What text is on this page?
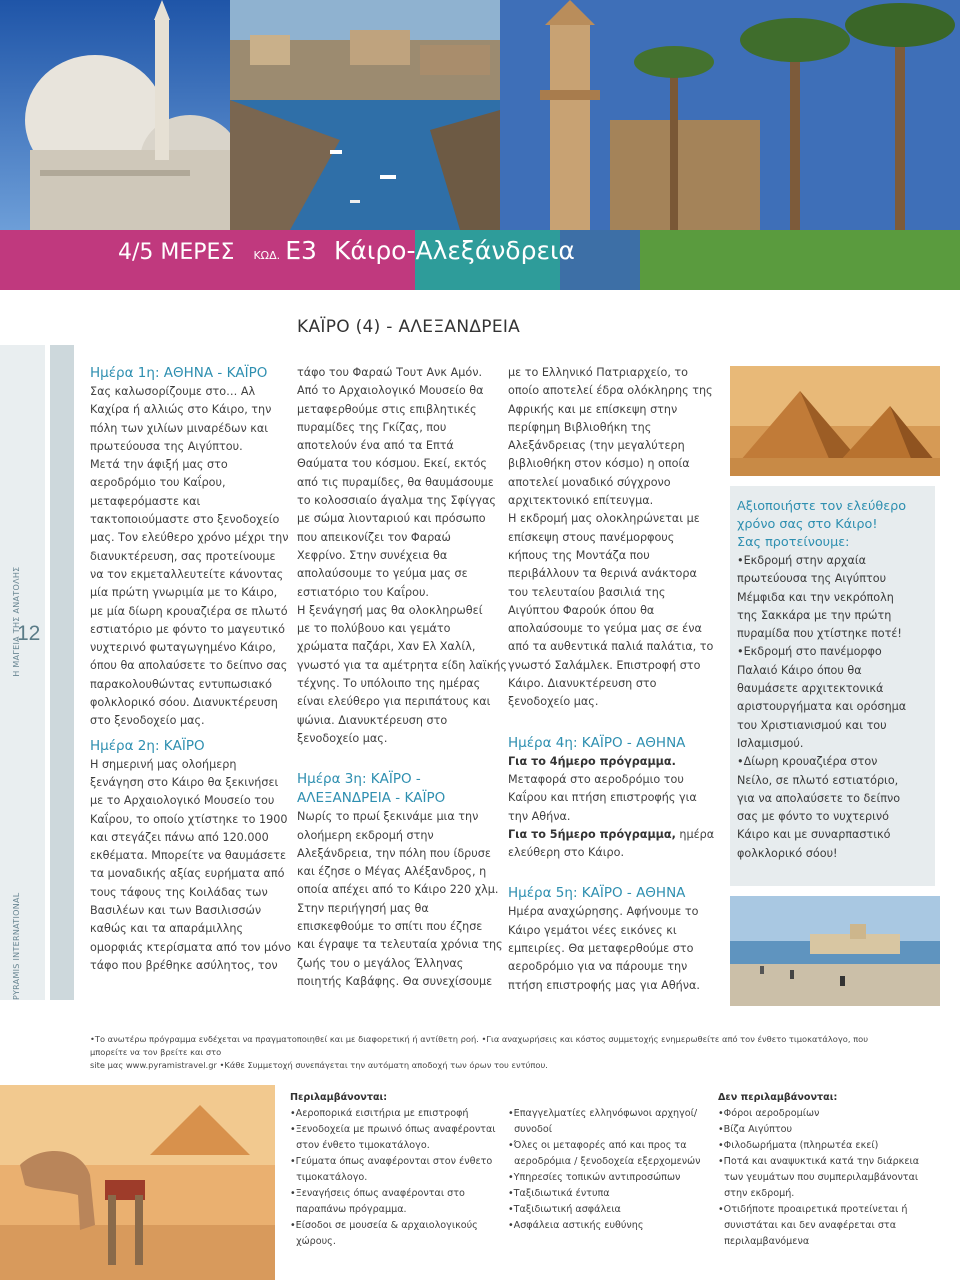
4/5 ΜΕΡΕΣ ΚΩΔ. Ε3 Κάιρο-Αλεξάνδρεια
ΚΑΪΡΟ (4) - ΑΛΕΞΑΝΔΡΕΙΑ
PYRAMIS INTERNATIONAL  Η ΜΑΓΕΙΑ ΤΗΣ ΑΝΑΤΟΛΗΣ
12
Ημέρα 1η: ΑΘΗΝΑ - ΚΑΪΡΟ
Σας καλωσορίζουμε στο… Αλ
Καχίρα ή αλλιώς στο Κάιρο, την
πόλη των χιλίων μιναρέδων και
πρωτεύουσα της Αιγύπτου.
Μετά την άφιξή μας στο
αεροδρόμιο του Καΐρου,
μεταφερόμαστε και
τακτοποιούμαστε στο ξενοδοχείο
μας. Τον ελεύθερο χρόνο μέχρι την
διανυκτέρευση, σας προτείνουμε
να τον εκμεταλλευτείτε κάνοντας
μία πρώτη γνωριμία με το Κάιρο,
με μία δίωρη κρουαζιέρα σε πλωτό
εστιατόριο με φόντο το μαγευτικό
νυχτερινό φωταγωγημένο Κάιρο,
όπου θα απολαύσετε το δείπνο σας
παρακολουθώντας εντυπωσιακό
φολκλορικό σόου. Διανυκτέρευση
στο ξενοδοχείο μας.
Ημέρα 2η: ΚΑΪΡΟ
Η σημερινή μας ολοήμερη
ξενάγηση στο Κάιρο θα ξεκινήσει
με το Αρχαιολογικό Μουσείο του
Καΐρου, το οποίο χτίστηκε το 1900
και στεγάζει πάνω από 120.000
εκθέματα. Μπορείτε να θαυμάσετε
τα μοναδικής αξίας ευρήματα από
τους τάφους της Κοιλάδας των
Βασιλέων και των Βασιλισσών
καθώς και τα απαράμιλλης
ομορφιάς κτερίσματα από τον μόνο
τάφο που βρέθηκε ασύλητος, τον
τάφο του Φαραώ Τουτ Ανκ Αμόν.
Από το Αρχαιολογικό Μουσείο θα
μεταφερθούμε στις επιβλητικές
πυραμίδες της Γκίζας, που
αποτελούν ένα από τα Επτά
Θαύματα του κόσμου. Εκεί, εκτός
από τις πυραμίδες, θα θαυμάσουμε
το κολοσσιαίο άγαλμα της Σφίγγας
με σώμα λιονταριού και πρόσωπο
που απεικονίζει τον Φαραώ
Χεφρίνο. Στην συνέχεια θα
απολαύσουμε το γεύμα μας σε
εστιατόριο του Καΐρου.
Η ξενάγησή μας θα ολοκληρωθεί
με το πολύβουο και γεμάτο
χρώματα παζάρι, Χαν Ελ Χαλίλ,
γνωστό για τα αμέτρητα είδη λαϊκής
τέχνης. Το υπόλοιπο της ημέρας
είναι ελεύθερο για περιπάτους και
ψώνια. Διανυκτέρευση στο
ξενοδοχείο μας.
Ημέρα 3η: ΚΑΪΡΟ -
ΑΛΕΞΑΝΔΡΕΙΑ - ΚΑΪΡΟ
Νωρίς το πρωί ξεκινάμε μια την
ολοήμερη εκδρομή στην
Αλεξάνδρεια, την πόλη που ίδρυσε
και έζησε ο Μέγας Αλέξανδρος, η
οποία απέχει από το Κάιρο 220 χλμ.
Στην περιήγησή μας θα
επισκεφθούμε το σπίτι που έζησε
και έγραψε τα τελευταία χρόνια της
ζωής του ο μεγάλος Έλληνας
ποιητής Καβάφης. Θα συνεχίσουμε
με το Ελληνικό Πατριαρχείο, το
οποίο αποτελεί έδρα ολόκληρης της
Αφρικής και με επίσκεψη στην
περίφημη Βιβλιοθήκη της
Αλεξάνδρειας (την μεγαλύτερη
βιβλιοθήκη στον κόσμο) η οποία
αποτελεί μοναδικό σύγχρονο
αρχιτεκτονικό επίτευγμα.
Η εκδρομή μας ολοκληρώνεται με
επίσκεψη στους πανέμορφους
κήπους της Μοντάζα που
περιβάλλουν τα θερινά ανάκτορα
του τελευταίου βασιλιά της
Αιγύπτου Φαρούκ όπου θα
απολαύσουμε το γεύμα μας σε ένα
από τα αυθεντικά παλιά παλάτια, το
γνωστό Σαλάμλεκ. Επιστροφή στο
Κάιρο. Διανυκτέρευση στο
ξενοδοχείο μας.
Ημέρα 4η: ΚΑΪΡΟ - ΑΘΗΝΑ
Για το 4ήμερο πρόγραμμα.
Μεταφορά στο αεροδρόμιο του
Καΐρου και πτήση επιστροφής για
την Αθήνα.
Για το 5ήμερο πρόγραμμα, ημέρα
ελεύθερη στο Κάιρο.
Ημέρα 5η: ΚΑΪΡΟ - ΑΘΗΝΑ
Ημέρα αναχώρησης. Αφήνουμε το
Κάιρο γεμάτοι νέες εικόνες κι
εμπειρίες. Θα μεταφερθούμε στο
αεροδρόμιο για να πάρουμε την
πτήση επιστροφής μας για Αθήνα.
Αξιοποιήστε τον ελεύθερο
χρόνο σας στο Κάιρο!
Σας προτείνουμε:
•Εκδρομή στην αρχαία
πρωτεύουσα της Αιγύπτου
Μέμφιδα και την νεκρόπολη
της Σακκάρα με την πρώτη
πυραμίδα που χτίστηκε ποτέ!
•Εκδρομή στο πανέμορφο
Παλαιό Κάιρο όπου θα
θαυμάσετε αρχιτεκτονικά
αριστουργήματα και ορόσημα
του Χριστιανισμού και του
Ισλαμισμού.
•Δίωρη κρουαζιέρα στον
Νείλο, σε πλωτό εστιατόριο,
για να απολαύσετε το δείπνο
σας με φόντο το νυχτερινό
Κάιρο και με συναρπαστικό
φολκλορικό σόου!
•Το ανωτέρω πρόγραμμα ενδέχεται να πραγματοποιηθεί και με διαφορετική ή αντίθετη ροή. •Για αναχωρήσεις και κόστος συμμετοχής ενημερωθείτε από τον ένθετο τιμοκατάλογο, που μπορείτε να τον βρείτε και στο
site μας www.pyramistravel.gr •Κάθε Συμμετοχή συνεπάγεται την αυτόματη αποδοχή των όρων του εντύπου.
Περιλαμβάνονται:
•Αεροπορικά εισιτήρια με επιστροφή
•Ξενοδοχεία με πρωινό όπως αναφέρονται
στον ένθετο τιμοκατάλογο.
•Γεύματα όπως αναφέρονται στον ένθετο
τιμοκατάλογο.
•Ξεναγήσεις όπως αναφέρονται στο
παραπάνω πρόγραμμα.
•Είσοδοι σε μουσεία & αρχαιολογικούς
χώρους.
•Επαγγελματίες ελληνόφωνοι αρχηγοί/
συνοδοί
•Όλες οι μεταφορές από και προς τα
αεροδρόμια / ξενοδοχεία εξερχομενών
•Υπηρεσίες τοπικών αντιπροσώπων
•Ταξιδιωτικά έντυπα
•Ταξιδιωτική ασφάλεια
•Ασφάλεια αστικής ευθύνης
Δεν περιλαμβάνονται:
•Φόροι αεροδρομίων
•Βίζα Αιγύπτου
•Φιλοδωρήματα (πληρωτέα εκεί)
•Ποτά και αναψυκτικά κατά την διάρκεια
των γευμάτων που συμπεριλαμβάνονται
στην εκδρομή.
•Οτιδήποτε προαιρετικά προτείνεται ή
συνιστάται και δεν αναφέρεται στα
περιλαμβανόμενα
